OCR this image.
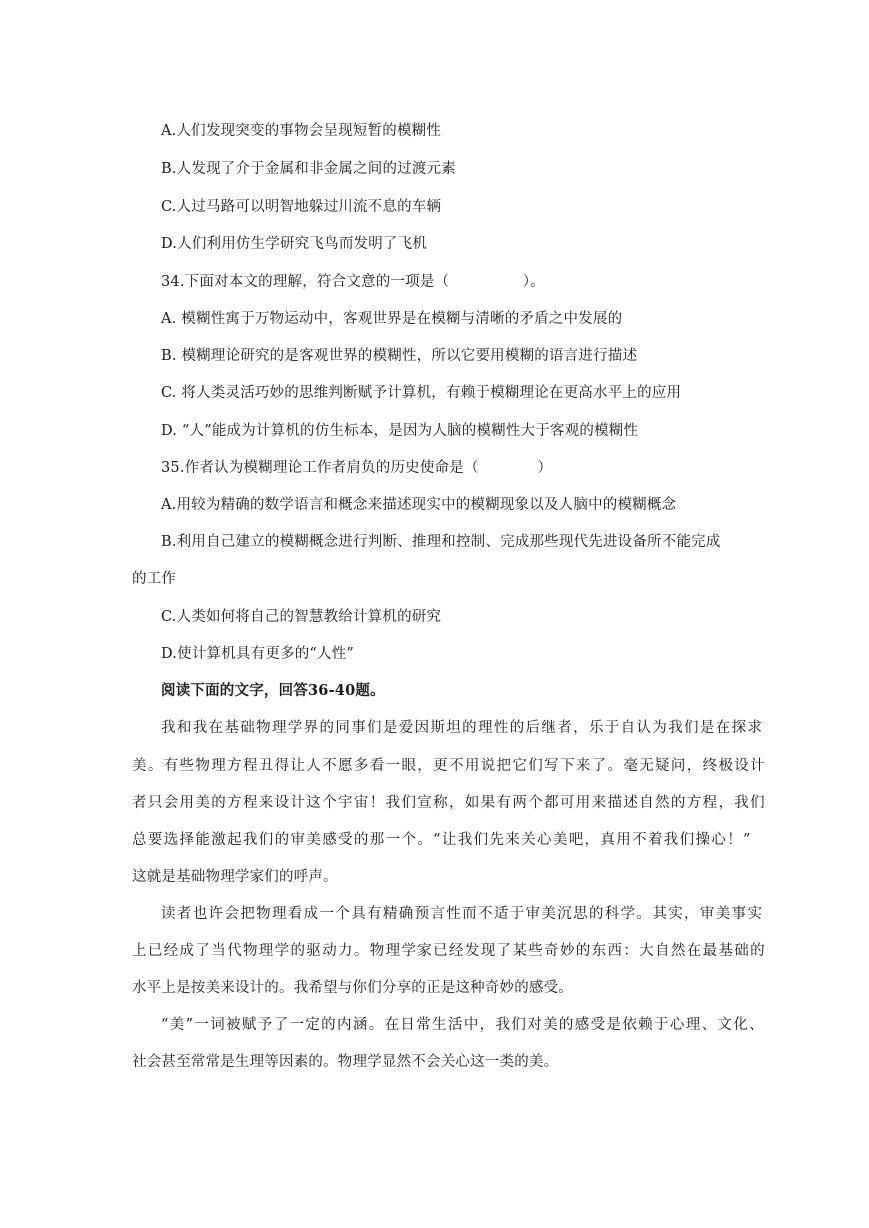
A.人们发现突变的事物会呈现短暂的模糊性
B.人发现了介于金属和非金属之间的过渡元素
C.人过马路可以明智地躲过川流不息的车辆
D.人们利用仿生学研究飞鸟而发明了飞机
34.下面对本文的理解，符合文意的一项是（　　　　　）。
A. 模糊性寓于万物运动中，客观世界是在模糊与清晰的矛盾之中发展的
B. 模糊理论研究的是客观世界的模糊性，所以它要用模糊的语言进行描述
C. 将人类灵活巧妙的思维判断赋予计算机，有赖于模糊理论在更高水平上的应用
D. “人”能成为计算机的仿生标本，是因为人脑的模糊性大于客观的模糊性
35.作者认为模糊理论工作者肩负的历史使命是（　　　　）
A.用较为精确的数学语言和概念来描述现实中的模糊现象以及人脑中的模糊概念
B.利用自己建立的模糊概念进行判断、推理和控制、完成那些现代先进设备所不能完成
的工作
C.人类如何将自己的智慧教给计算机的研究
D.使计算机具有更多的“人性”
阅读下面的文字，回答36-40题。
我和我在基础物理学界的同事们是爱因斯坦的理性的后继者，乐于自认为我们是在探求
美。有些物理方程丑得让人不愿多看一眼，更不用说把它们写下来了。毫无疑问，终极设计
者只会用美的方程来设计这个宇宙！我们宣称，如果有两个都可用来描述自然的方程，我们
总要选择能激起我们的审美感受的那一个。“让我们先来关心美吧，真用不着我们操心！”
这就是基础物理学家们的呼声。
读者也许会把物理看成一个具有精确预言性而不适于审美沉思的科学。其实，审美事实
上已经成了当代物理学的驱动力。物理学家已经发现了某些奇妙的东西：大自然在最基础的
水平上是按美来设计的。我希望与你们分享的正是这种奇妙的感受。
“美”一词被赋予了一定的内涵。在日常生活中，我们对美的感受是依赖于心理、文化、
社会甚至常常是生理等因素的。物理学显然不会关心这一类的美。
